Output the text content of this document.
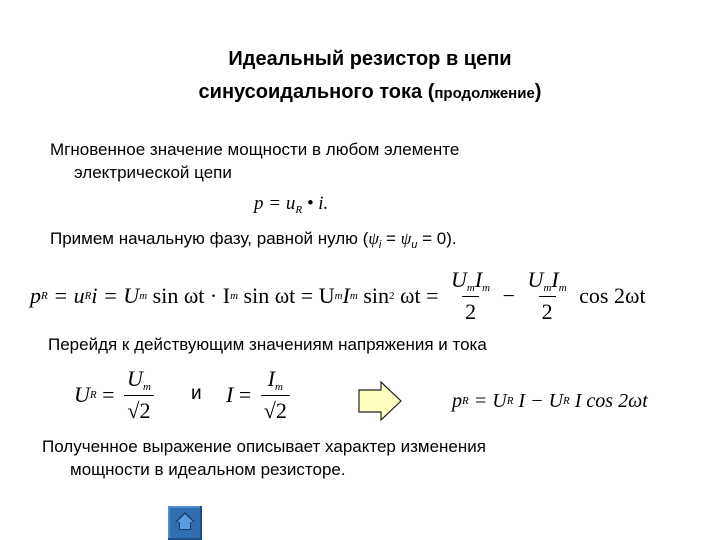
Идеальный резистор в цепи
синусоидального тока (продолжение)
Мгновенное значение мощности в любом элементе
электрической цепи
$p = u_R$ • i.
Примем начальную фазу, равной нулю $(\psi_i = \psi_u = 0)$.
p R = u R i = U m sin ωt · I m sin ωt = U m I m sin 2 $\omega t = \frac{U_mI_m}{2} - \frac{U_mI_m}{2}$ cos 2ωt
Перейдя к действующим значениям напряжения и тока
U $R = \frac{U_m}{√2}$ и $I = \frac{I_m}{√2}$	p R = U R I − U R I cos 2ωt
Полученное выражение описывает характер изменения
мощности в идеальном резисторе.
